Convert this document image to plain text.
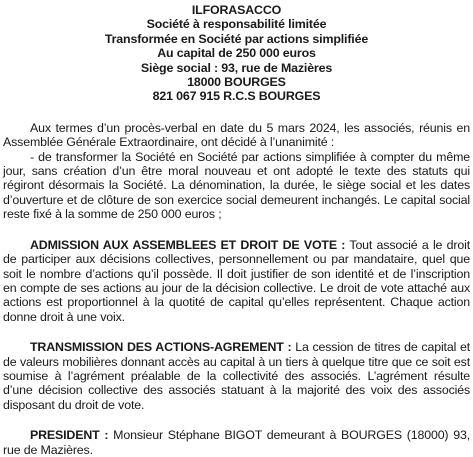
ILFORASACCO
Société à responsabilité limitée
Transformée en Société par actions simplifiée
Au capital de 250 000 euros
Siège social : 93, rue de Mazières
18000 BOURGES
821 067 915 R.C.S BOURGES

Aux termes d’un procès-verbal en date du 5 mars 2024, les associés, réunis en Assemblée Générale Extraordinaire, ont décidé à l’unanimité :

- de transformer la Société en Société par actions simplifiée à compter du même jour, sans création d’un être moral nouveau et ont adopté le texte des statuts qui régiront désormais la Société. La dénomination, la durée, le siège social et les dates d’ouverture et de clôture de son exercice social demeurent inchangés. Le capital social reste fixé à la somme de 250 000 euros ;

ADMISSION AUX ASSEMBLEES ET DROIT DE VOTE : Tout associé a le droit de participer aux décisions collectives, personnellement ou par mandataire, quel que soit le nombre d’actions qu’il possède. Il doit justifier de son identité et de l’inscription en compte de ses actions au jour de la décision collective. Le droit de vote attaché aux actions est proportionnel à la quotité de capital qu’elles représentent. Chaque action donne droit à une voix.

TRANSMISSION DES ACTIONS-AGREMENT : La cession de titres de capital et de valeurs mobilières donnant accès au capital à un tiers à quelque titre que ce soit est soumise à l’agrément préalable de la collectivité des associés. L’agrément résulte d’une décision collective des associés statuant à la majorité des voix des associés disposant du droit de vote.

PRESIDENT : Monsieur Stéphane BIGOT demeurant à BOURGES (18000) 93, rue de Mazières.
